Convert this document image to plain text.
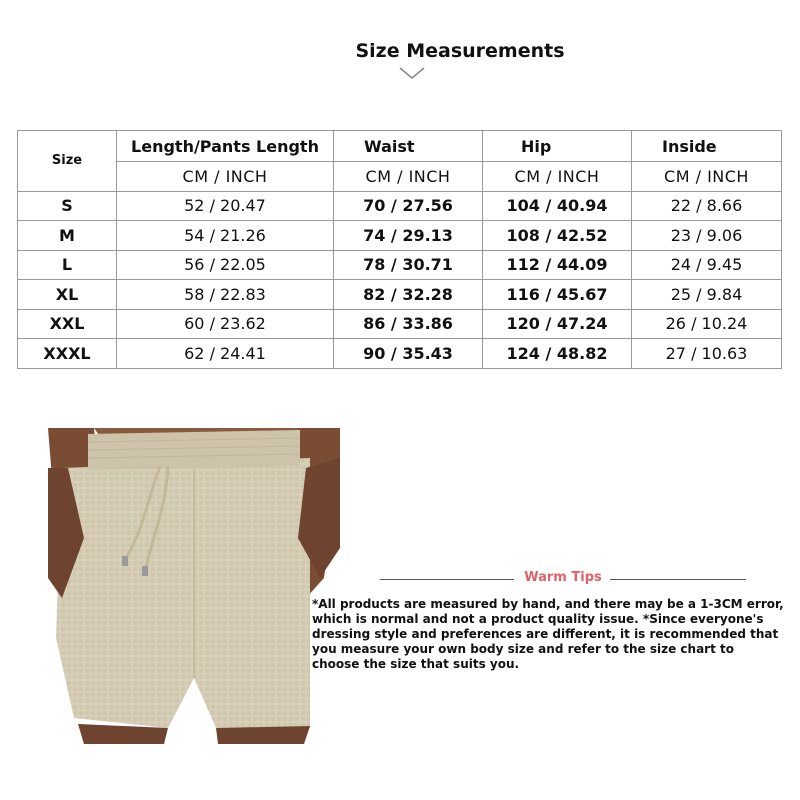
Size Measurements
Size	Length/Pants Length	Waist	Hip	Inside
	CM / INCH	CM / INCH	CM / INCH	CM / INCH
S	52 / 20.47	70 / 27.56	104 / 40.94	22 / 8.66
M	54 / 21.26	74 / 29.13	108 / 42.52	23 / 9.06
L	56 / 22.05	78 / 30.71	112 / 44.09	24 / 9.45
XL	58 / 22.83	82 / 32.28	116 / 45.67	25 / 9.84
XXL	60 / 23.62	86 / 33.86	120 / 47.24	26 / 10.24
XXXL	62 / 24.41	90 / 35.43	124 / 48.82	27 / 10.63
Warm Tips
*All products are measured by hand, and there may be a 1-3CM error, which is normal and not a product quality issue. *Since everyone's dressing style and preferences are different, it is recommended that you measure your own body size and refer to the size chart to choose the size that suits you.
